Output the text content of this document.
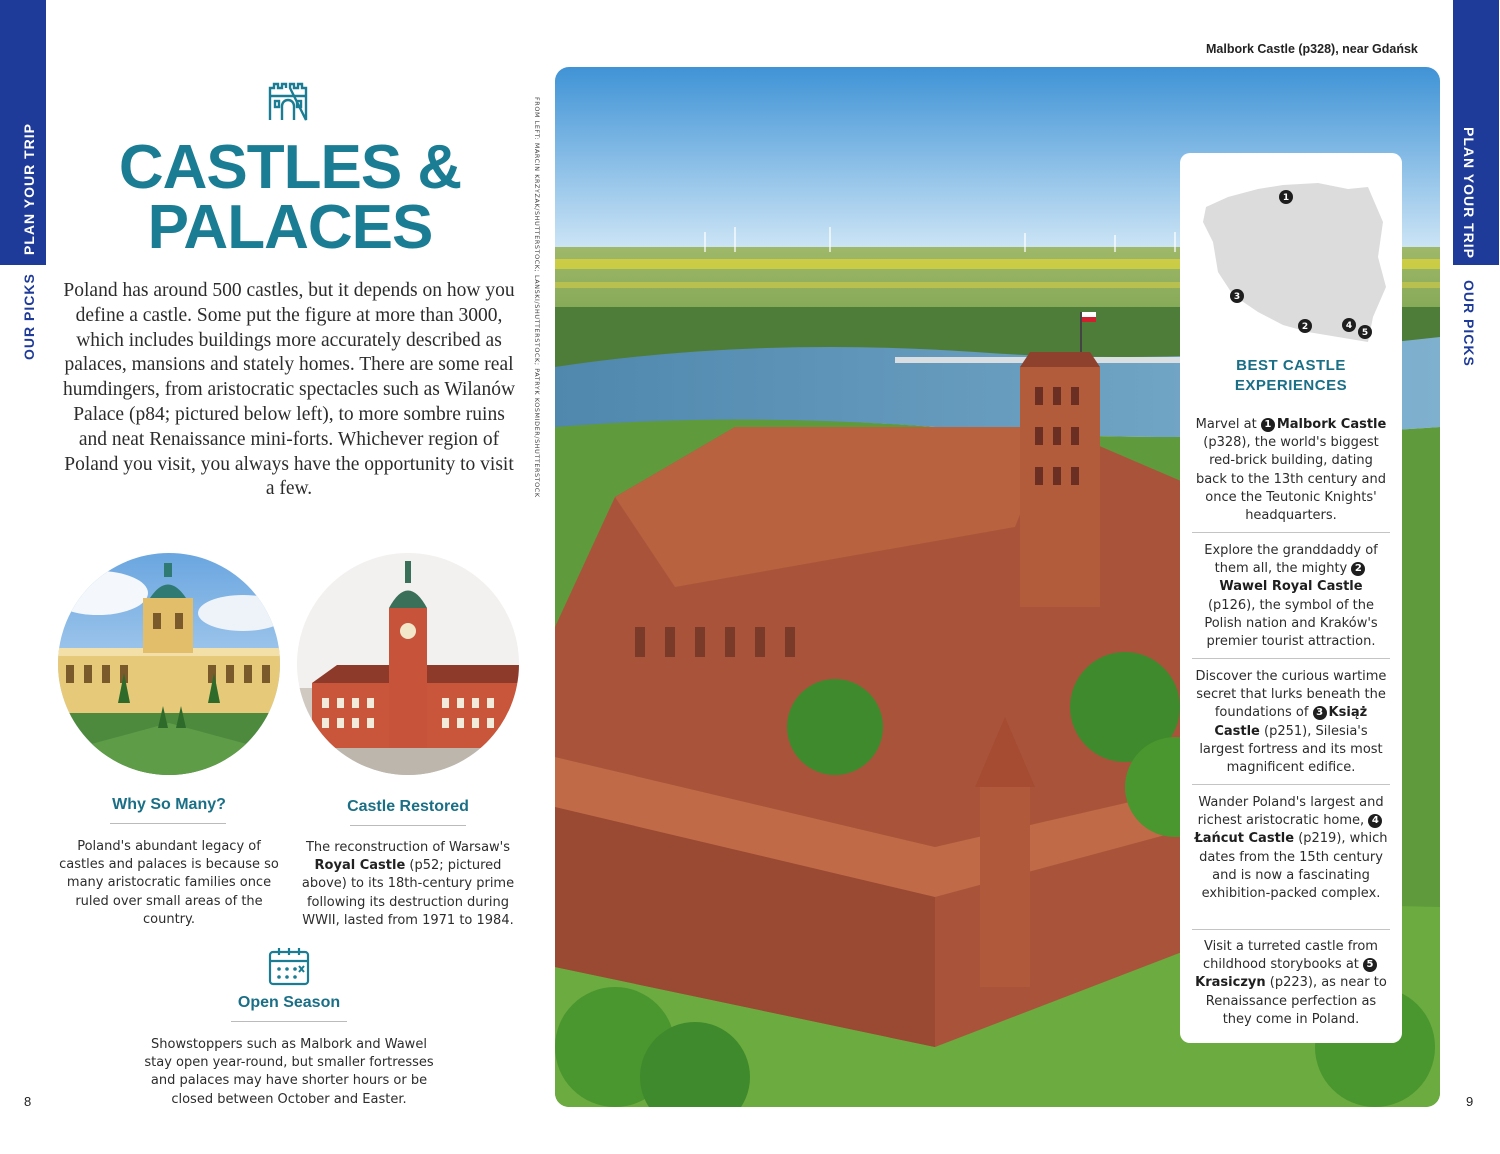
PLAN YOUR TRIP
OUR PICKS
8
PLAN YOUR TRIP
OUR PICKS
9
CASTLES &
PALACES
Poland has around 500 castles, but it depends on how you define a castle. Some put the figure at more than 3000, which includes buildings more accurately described as palaces, mansions and stately homes. There are some real humdingers, from aristocratic spectacles such as Wilanów Palace (p84; pictured below left), to more sombre ruins and neat Renaissance mini-forts. Whichever region of Poland you visit, you always have the opportunity to visit a few.
Why So Many?
Poland's abundant legacy of castles and palaces is because so many aristocratic families once ruled over small areas of the country.
Castle Restored
The reconstruction of Warsaw's Royal Castle (p52; pictured above) to its 18th-century prime following its destruction during WWII, lasted from 1971 to 1984.
Open Season
Showstoppers such as Malbork and Wawel stay open year-round, but smaller fortresses and palaces may have shorter hours or be closed between October and Easter.
FROM LEFT: MARCIN KRZYZAK/SHUTTERSTOCK; LANSKI/SHUTTERSTOCK; PATRYK KOSMIDER/SHUTTERSTOCK
Malbork Castle (p328), near Gdańsk
1
2
3
4
5
BEST CASTLE
EXPERIENCES
Marvel at 1 Malbork Castle (p328), the world's biggest red-brick building, dating back to the 13th century and once the Teutonic Knights' headquarters.
Explore the granddaddy of them all, the mighty 2Wawel Royal Castle (p126), the symbol of the Polish nation and Kraków's premier tourist attraction.
Discover the curious wartime secret that lurks beneath the foundations of 3 Książ Castle (p251), Silesia's largest fortress and its most magnificent edifice.
Wander Poland's largest and richest aristocratic home, 4Łańcut Castle (p219), which dates from the 15th century and is now a fascinating exhibition-packed complex.
Visit a turreted castle from childhood storybooks at 5Krasiczyn (p223), as near to Renaissance perfection as they come in Poland.
